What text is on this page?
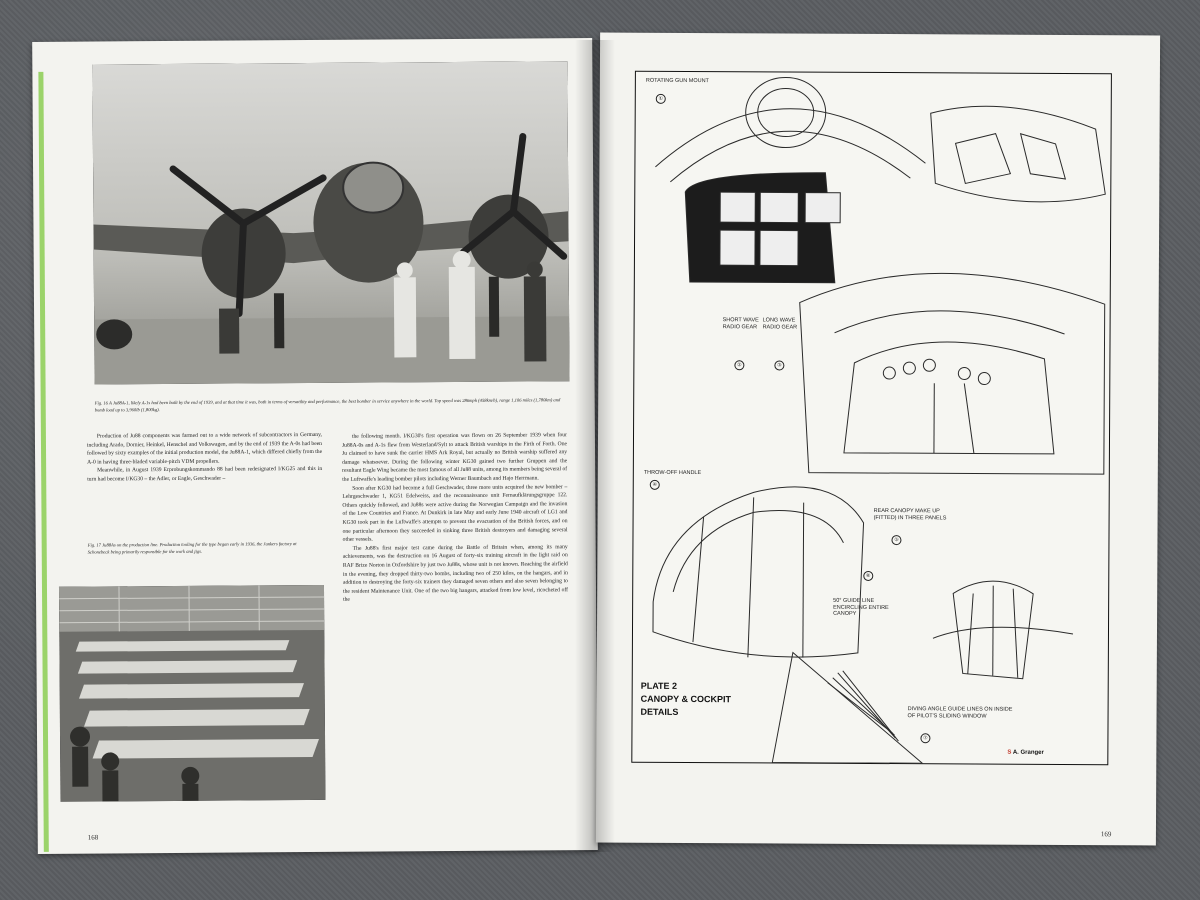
Fig. 16 A Ju88A-1, likely A-1s had been built by the end of 1939, and at that time it was, both in terms of versatility and performance, the best bomber in service anywhere in the world. Top speed was 286mph (458km/h), range 1,106 miles (1,780km) and bomb load up to 3,960lb (1,800kg).

Production of Ju88 components was farmed out to a wide network of subcontractors in Germany, including Arado, Dornier, Heinkel, Henschel and Volkswagen, and by the end of 1939 the A-0s had been followed by sixty examples of the initial production model, the Ju88A-1, which differed chiefly from the A-0 in having three-bladed variable-pitch VDM propellers.

Meanwhile, in August 1939 Erprobungskommando 88 had been redesignated I/KG25 and this in turn had become I/KG30 – the Adler, or Eagle, Geschwader –

Fig. 17 Ju88As on the production line. Production tooling for the type began early in 1936, the Junkers factory at Schonebeck being primarily responsible for the work and jigs.

the following month. I/KG30's first operation was flown on 26 September 1939 when four Ju88A-0s and A-1s flew from Westerland/Sylt to attack British warships in the Firth of Forth. One Ju claimed to have sunk the carrier HMS Ark Royal, but actually no British warship suffered any damage whatsoever. During the following winter KG30 gained two further Gruppen and the resultant Eagle Wing became the most famous of all Ju88 units, among its members being several of the Luftwaffe's leading bomber pilots including Werner Baumbach and Hajo Herrmann.

Soon after KG30 had become a full Geschwader, three more units acquired the new bomber – Lehrgeschwader 1, KG51 Edelweiss, and the reconnaissance unit Fernaufklärungsgruppe 122. Others quickly followed, and Ju88s were active during the Norwegian Campaign and the invasion of the Low Countries and France. At Dunkirk in late May and early June 1940 aircraft of LG1 and KG30 took part in the Luftwaffe's attempts to prevent the evacuation of the British forces, and on one particular afternoon they succeeded in sinking three British destroyers and damaging several other vessels.

The Ju88's first major test came during the Battle of Britain when, among its many achievements, was the destruction on 16 August of forty-six training aircraft in the light raid on RAF Brize Norton in Oxfordshire by just two Ju88s, whose unit is not known. Reaching the airfield in the evening, they dropped thirty-two bombs, including two of 250 kilos, on the hangars, and in addition to destroying the forty-six trainers they damaged seven others and also seven belonging to the resident Maintenance Unit. One of the two big hangars, attacked from low level, ricocheted off the

168
ROTATING GUN MOUNT
SHORT WAVE RADIO GEAR
LONG WAVE RADIO GEAR
THROW-OFF HANDLE
REAR CANOPY MAKE UP (FITTED) IN THREE PANELS
50° GUIDE LINE ENCIRCLING ENTIRE CANOPY
DIVING ANGLE GUIDE LINES ON INSIDE OF PILOT'S SLIDING WINDOW
①
②	③
④
⑤
⑥
⑦
PLATE 2
CANOPY & COCKPIT
DETAILS
S A. Granger
169
